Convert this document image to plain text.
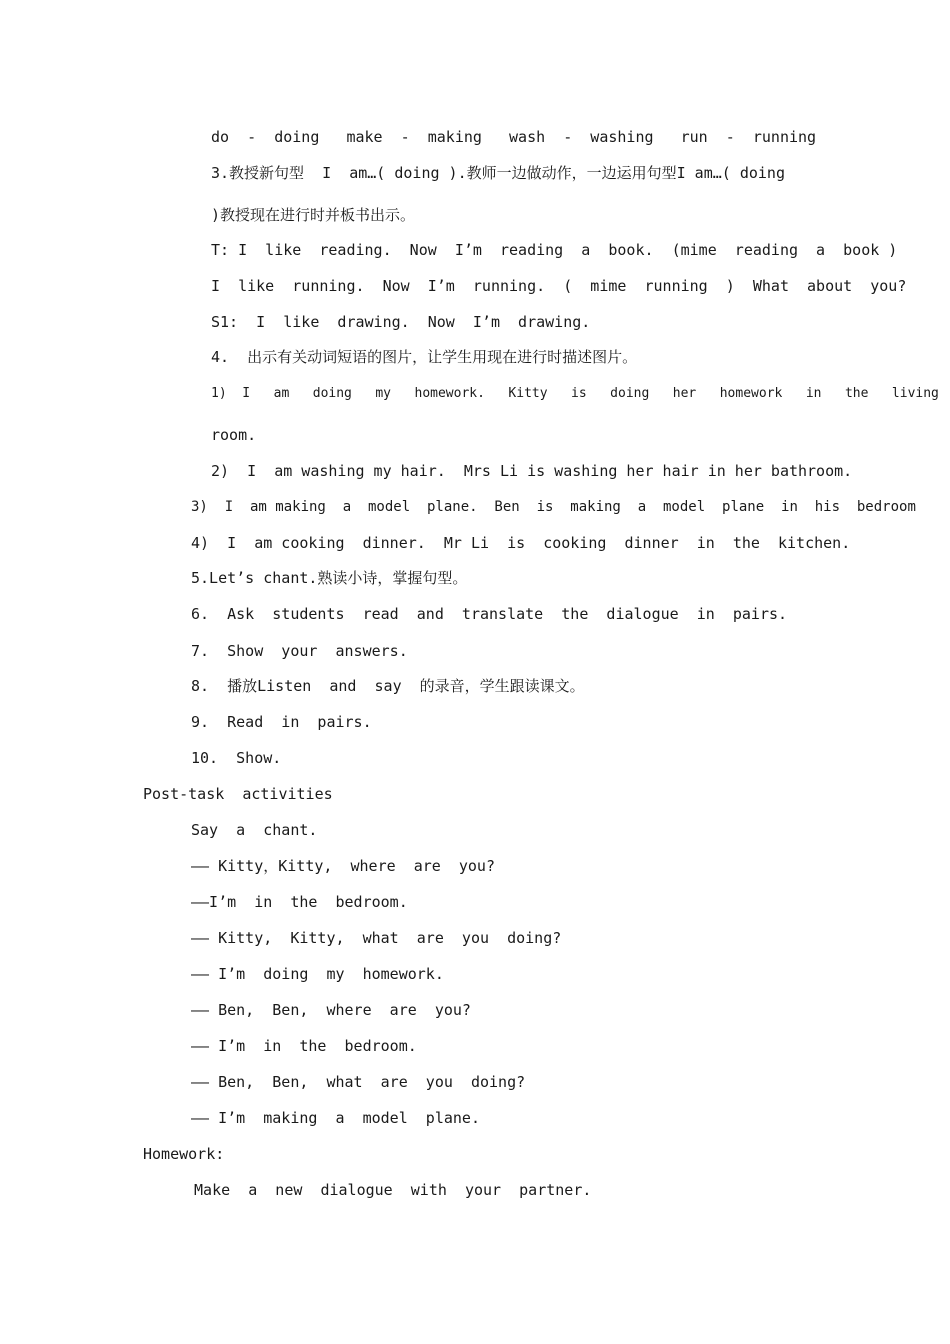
do  -  doing   make  -  making   wash  -  washing   run  -  running
3.教授新句型  I  am…( doing ).教师一边做动作，一边运用句型I am…( doing
)教授现在进行时并板书出示。
T: I  like  reading.  Now  I’m  reading  a  book.  (mime  reading  a  book )
I  like  running.  Now  I’m  running.  (  mime  running  )  What  about  you?
S1:  I  like  drawing.  Now  I’m  drawing.
4.  出示有关动词短语的图片，让学生用现在进行时描述图片。
1)  I   am   doing   my   homework.   Kitty   is   doing   her   homework   in   the   living
room.
2)  I  am washing my hair.  Mrs Li is washing her hair in her bathroom.
3)  I  am making  a  model  plane.  Ben  is  making  a  model  plane  in  his  bedroom
4)  I  am cooking  dinner.  Mr Li  is  cooking  dinner  in  the  kitchen.
5.Let’s chant.熟读小诗，掌握句型。
6.  Ask  students  read  and  translate  the  dialogue  in  pairs.
7.  Show  your  answers.
8.  播放Listen  and  say  的录音，学生跟读课文。
9.  Read  in  pairs.
10.  Show.
Post-task  activities
Say  a  chant.
—— Kitty，Kitty,  where  are  you?
——I’m  in  the  bedroom.
—— Kitty,  Kitty,  what  are  you  doing?
—— I’m  doing  my  homework.
—— Ben,  Ben,  where  are  you?
—— I’m  in  the  bedroom.
—— Ben,  Ben,  what  are  you  doing?
—— I’m  making  a  model  plane.
Homework:
Make  a  new  dialogue  with  your  partner.
